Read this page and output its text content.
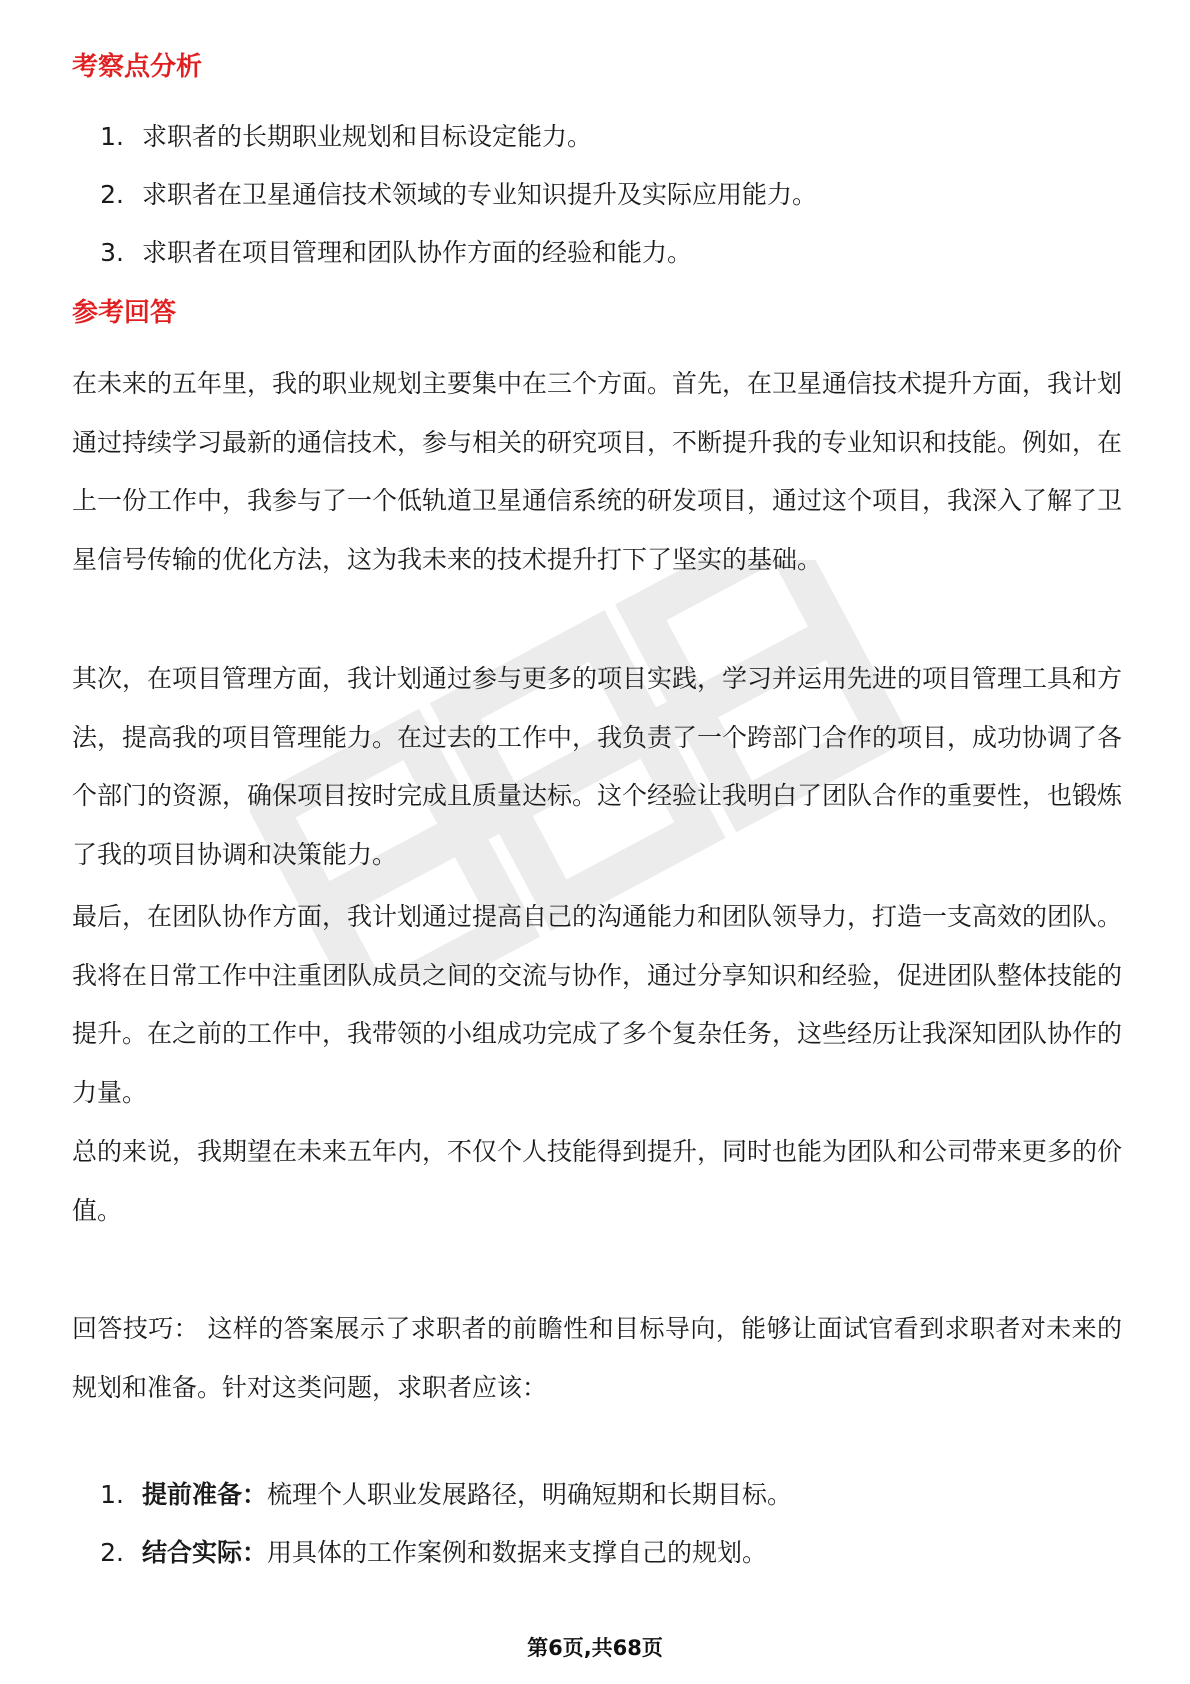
考察点分析
1. 求职者的长期职业规划和目标设定能力。
2. 求职者在卫星通信技术领域的专业知识提升及实际应用能力。
3. 求职者在项目管理和团队协作方面的经验和能力。
参考回答

在未来的五年里，我的职业规划主要集中在三个方面。首先，在卫星通信技术提升方面，我计划通过持续学习最新的通信技术，参与相关的研究项目，不断提升我的专业知识和技能。例如，在上一份工作中，我参与了一个低轨道卫星通信系统的研发项目，通过这个项目，我深入了解了卫星信号传输的优化方法，这为我未来的技术提升打下了坚实的基础。

其次，在项目管理方面，我计划通过参与更多的项目实践，学习并运用先进的项目管理工具和方法，提高我的项目管理能力。在过去的工作中，我负责了一个跨部门合作的项目，成功协调了各个部门的资源，确保项目按时完成且质量达标。这个经验让我明白了团队合作的重要性，也锻炼了我的项目协调和决策能力。

最后，在团队协作方面，我计划通过提高自己的沟通能力和团队领导力，打造一支高效的团队。我将在日常工作中注重团队成员之间的交流与协作，通过分享知识和经验，促进团队整体技能的提升。在之前的工作中，我带领的小组成功完成了多个复杂任务，这些经历让我深知团队协作的力量。

总的来说，我期望在未来五年内，不仅个人技能得到提升，同时也能为团队和公司带来更多的价值。

回答技巧： 这样的答案展示了求职者的前瞻性和目标导向，能够让面试官看到求职者对未来的规划和准备。针对这类问题，求职者应该：

1. 提前准备：梳理个人职业发展路径，明确短期和长期目标。
2. 结合实际：用具体的工作案例和数据来支撑自己的规划。
第6页,共68页
